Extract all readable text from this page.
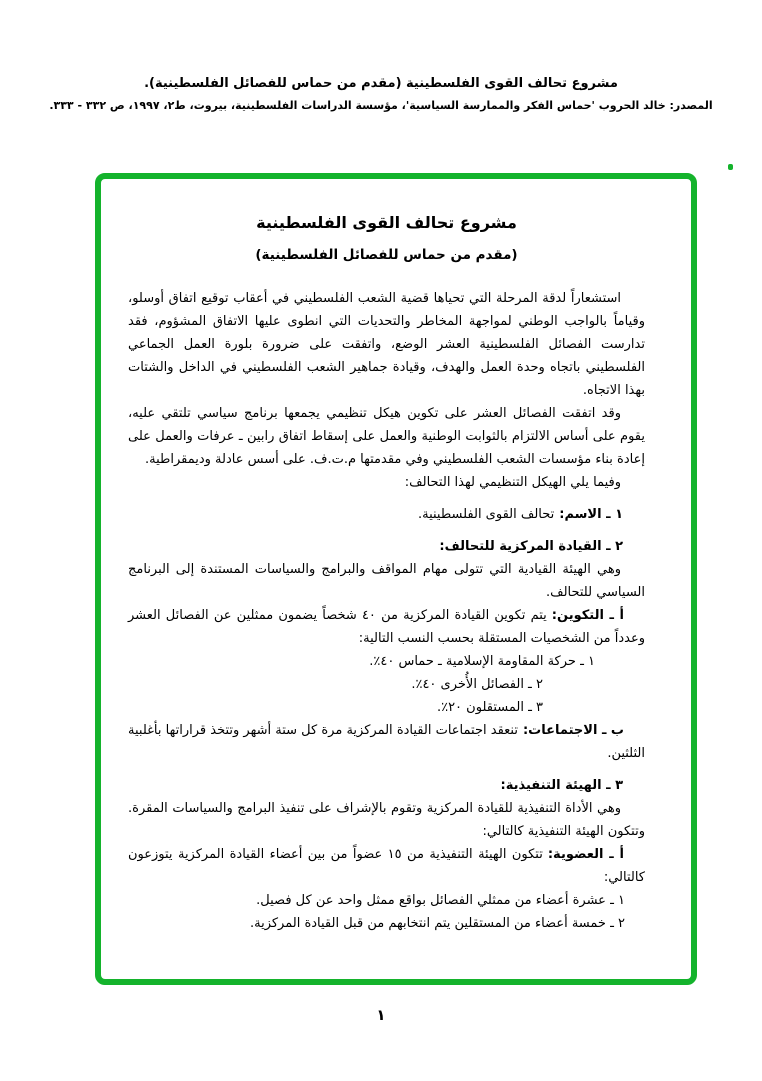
مشروع تحالف القوى الفلسطينية (مقدم من حماس للفصائل الفلسطينية).
المصدر: خالد الحروب 'حماس الفكر والممارسة السياسية'، مؤسسة الدراسات الفلسطينية، بيروت، ط٢، ١٩٩٧، ص ٣٣٢ - ٣٣٣.
مشروع تحالف القوى الفلسطينية
(مقدم من حماس للفصائل الفلسطينية)
استشعاراً لدقة المرحلة التي تحياها قضية الشعب الفلسطيني في أعقاب توقيع اتفاق أوسلو، وقياماً بالواجب الوطني لمواجهة المخاطر والتحديات التي انطوى عليها الاتفاق المشؤوم، فقد تدارست الفصائل الفلسطينية العشر الوضع، واتفقت على ضرورة بلورة العمل الجماعي الفلسطيني باتجاه وحدة العمل والهدف، وقيادة جماهير الشعب الفلسطيني في الداخل والشتات بهذا الاتجاه.
وقد اتفقت الفصائل العشر على تكوين هيكل تنظيمي يجمعها برنامج سياسي تلتقي عليه، يقوم على أساس الالتزام بالثوابت الوطنية والعمل على إسقاط اتفاق رابين ـ عرفات والعمل على إعادة بناء مؤسسات الشعب الفلسطيني وفي مقدمتها م.ت.ف. على أسس عادلة وديمقراطية.
وفيما يلي الهيكل التنظيمي لهذا التحالف:
١ ـ الاسم:تحالف القوى الفلسطينية.
٢ ـ القيادة المركزية للتحالف:
وهي الهيئة القيادية التي تتولى مهام المواقف والبرامج والسياسات المستندة إلى البرنامج السياسي للتحالف.
أ ـ التكوين:يتم تكوين القيادة المركزية من ٤٠ شخصاً يضمون ممثلين عن الفصائل العشر وعدداً من الشخصيات المستقلة بحسب النسب التالية:
١ ـ حركة المقاومة الإسلامية ـ حماس ٤٠٪.
٢ ـ الفصائل الأُخرى ٤٠٪.
٣ ـ المستقلون ٢٠٪.
ب ـ الاجتماعات:تنعقد اجتماعات القيادة المركزية مرة كل ستة أشهر وتتخذ قراراتها بأغلبية الثلثين.
٣ ـ الهيئة التنفيذية:
وهي الأداة التنفيذية للقيادة المركزية وتقوم بالإشراف على تنفيذ البرامج والسياسات المقرة. وتتكون الهيئة التنفيذية كالتالي:
أ ـ العضوية:تتكون الهيئة التنفيذية من ١٥ عضواً من بين أعضاء القيادة المركزية يتوزعون كالتالي:
١ ـ عشرة أعضاء من ممثلي الفصائل بواقع ممثل واحد عن كل فصيل.
٢ ـ خمسة أعضاء من المستقلين يتم انتخابهم من قبل القيادة المركزية.
١
